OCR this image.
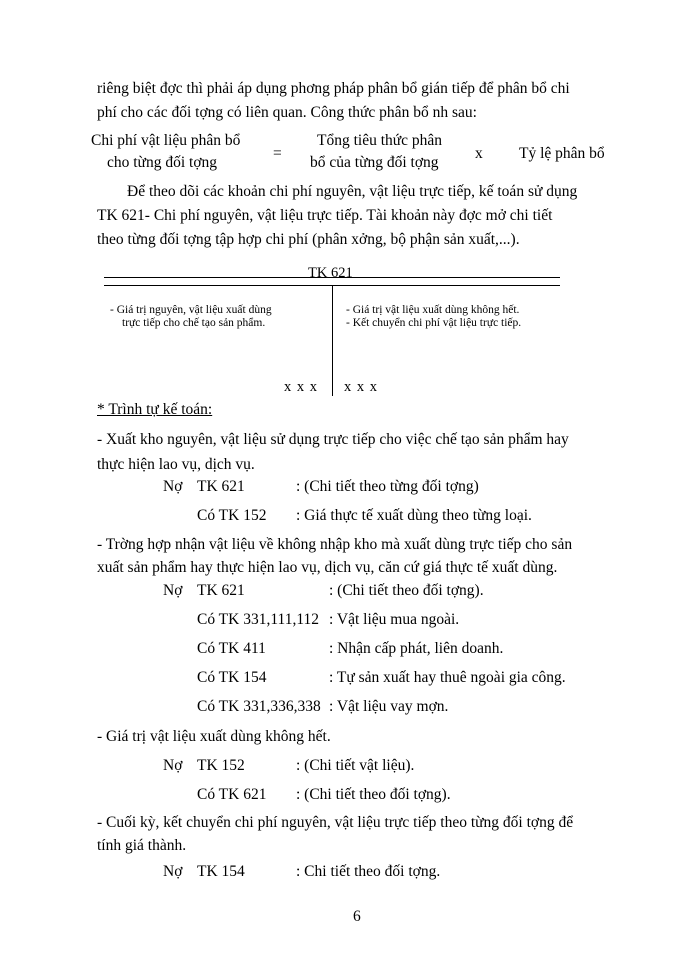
riêng biệt đợc thì phải áp dụng phơng pháp phân bổ gián tiếp để phân bổ chi
phí cho các đối tợng có liên quan. Công thức phân bổ nh sau:
Chi phí vật liệu phân bổ
cho từng đối tợng
=
Tổng tiêu thức phân
bổ của từng đối tợng
x Tỷ lệ phân bổ
Để theo dõi các khoản chi phí nguyên, vật liệu trực tiếp, kế toán sử dụng
TK 621- Chi phí nguyên, vật liệu trực tiếp. Tài khoản này đợc mở chi tiết
theo từng đối tợng tập hợp chi phí (phân xởng, bộ phận sản xuất,...).
TK 621
- Giá trị nguyên, vật liệu xuất dùng
trực tiếp cho chế tạo sản phẩm.
- Giá trị vật liệu xuất dùng không hết.
- Kết chuyển chi phí vật liệu trực tiếp.
x x x x x x
* Trình tự kế toán:
- Xuất kho nguyên, vật liệu sử dụng trực tiếp cho việc chế tạo sản phẩm hay
thực hiện lao vụ, dịch vụ.
Nợ TK 621	: (Chi tiết theo từng đối tợng)
Có TK 152 : Giá thực tế xuất dùng theo từng loại.
- Trờng hợp nhận vật liệu về không nhập kho mà xuất dùng trực tiếp cho sản
xuất sản phẩm hay thực hiện lao vụ, dịch vụ, căn cứ giá thực tế xuất dùng.
Nợ TK 621	: (Chi tiết theo đối tợng).
Có TK 331,111,112 : Vật liệu mua ngoài.
Có TK 411	: Nhận cấp phát, liên doanh.
Có TK 154	: Tự sản xuất hay thuê ngoài gia công.
Có TK 331,336,338 : Vật liệu vay mợn.
- Giá trị vật liệu xuất dùng không hết.
Nợ TK 152	: (Chi tiết vật liệu).
Có TK 621 : (Chi tiết theo đối tợng).
- Cuối kỳ, kết chuyển chi phí nguyên, vật liệu trực tiếp theo từng đối tợng để
tính giá thành.
Nợ TK 154	: Chi tiết theo đối tợng.
6
